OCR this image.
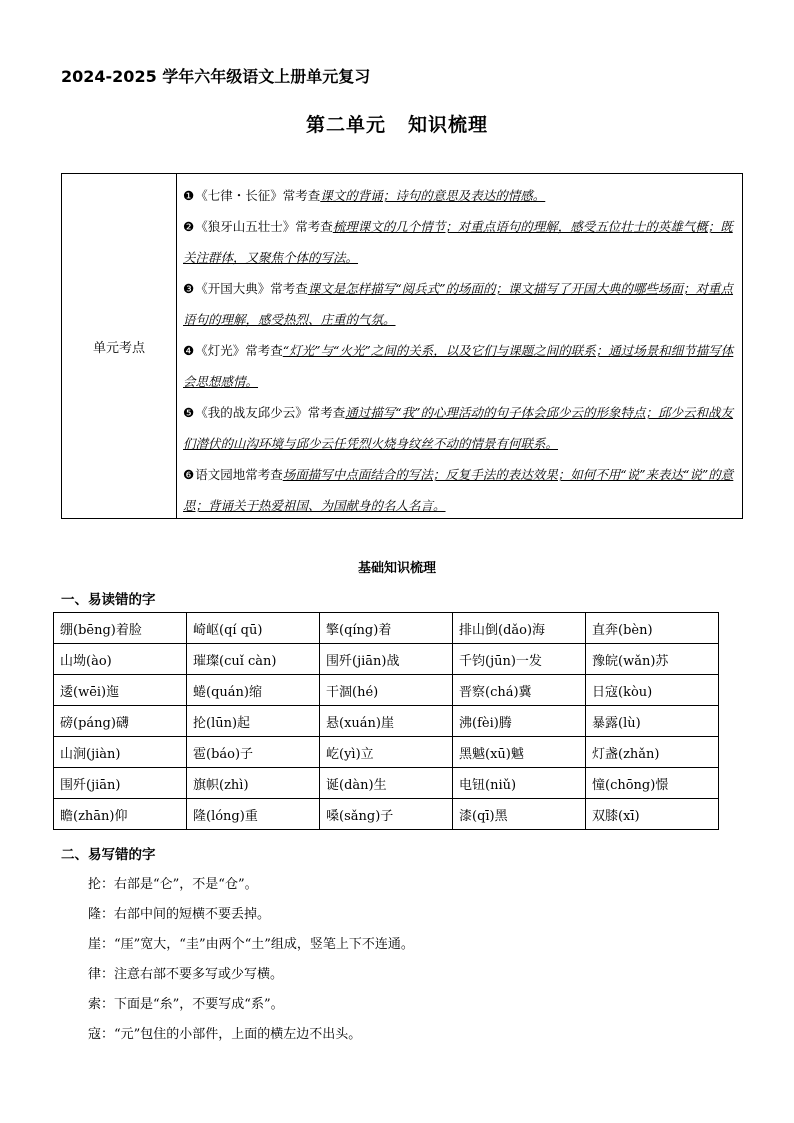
2024-2025 学年六年级语文上册单元复习
第二单元 知识梳理
单元考点
❶《七律・长征》常考查课文的背诵；诗句的意思及表达的情感。
❷《狼牙山五壮士》常考查梳理课文的几个情节；对重点语句的理解，感受五位壮士的英雄气概；既关注群体，又聚焦个体的写法。
❸《开国大典》常考查课文是怎样描写“阅兵式”的场面的；课文描写了开国大典的哪些场面；对重点语句的理解，感受热烈、庄重的气氛。
❹《灯光》常考查“灯光”与“火光”之间的关系，以及它们与课题之间的联系；通过场景和细节描写体会思想感情。
❺《我的战友邱少云》常考查通过描写“我”的心理活动的句子体会邱少云的形象特点；邱少云和战友们潜伏的山沟环境与邱少云任凭烈火烧身纹丝不动的情景有何联系。
❻语文园地常考查场面描写中点面结合的写法；反复手法的表达效果；如何不用“说”来表达“说”的意思；背诵关于热爱祖国、为国献身的名人名言。
基础知识梳理
一、易读错的字
绷(bēng)着脸	崎岖(qí qū)	擎(qíng)着	排山倒(dǎo)海	直奔(bèn)
山坳(ào)	璀璨(cuǐ càn)	围歼(jiān)战	千钧(jūn)一发	豫皖(wǎn)苏
逶(wēi)迤	蜷(quán)缩	干涸(hé)	晋察(chá)冀	日寇(kòu)
磅(páng)礴	抡(lūn)起	悬(xuán)崖	沸(fèi)腾	暴露(lù)
山涧(jiàn)	雹(báo)子	屹(yì)立	黑魆(xū)魆	灯盏(zhǎn)
围歼(jiān)	旗帜(zhì)	诞(dàn)生	电钮(niǔ)	憧(chōng)憬
瞻(zhān)仰	隆(lóng)重	嗓(sǎng)子	漆(qī)黑	双膝(xī)
二、易写错的字
抡：右部是“仑”，不是“仓”。
隆：右部中间的短横不要丢掉。
崖：“厓”宽大，“圭”由两个“土”组成，竖笔上下不连通。
律：注意右部不要多写或少写横。
索：下面是“糸”，不要写成“系”。
寇：“元”包住的小部件，上面的横左边不出头。
